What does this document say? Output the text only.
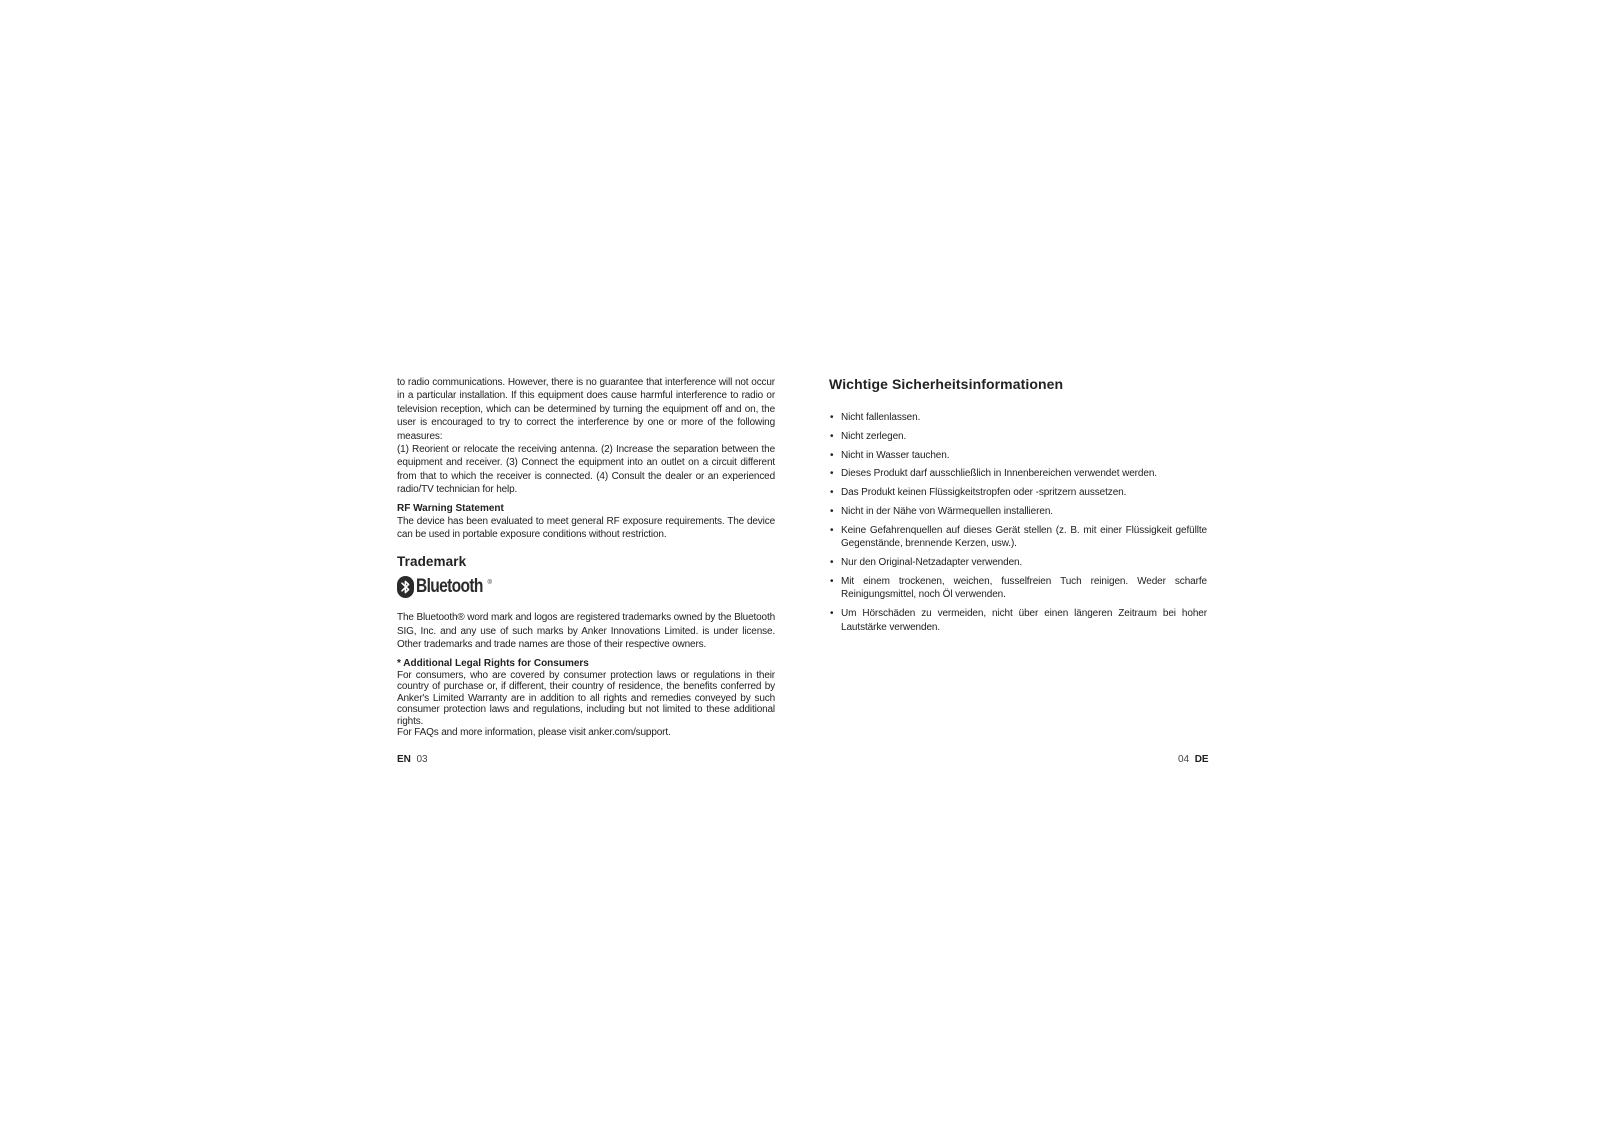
to radio communications. However, there is no guarantee that interference will not occur in a particular installation. If this equipment does cause harmful interference to radio or television reception, which can be determined by turning the equipment off and on, the user is encouraged to try to correct the interference by one or more of the following measures:

(1) Reorient or relocate the receiving antenna. (2) Increase the separation between the equipment and receiver. (3) Connect the equipment into an outlet on a circuit different from that to which the receiver is connected. (4) Consult the dealer or an experienced radio/TV technician for help.

RF Warning Statement

The device has been evaluated to meet general RF exposure requirements. The device can be used in portable exposure conditions without restriction.

Trademark
Bluetooth ®

The Bluetooth® word mark and logos are registered trademarks owned by the Bluetooth SIG, Inc. and any use of such marks by Anker Innovations Limited. is under license. Other trademarks and trade names are those of their respective owners.

* Additional Legal Rights for Consumers

For consumers, who are covered by consumer protection laws or regulations in their country of purchase or, if different, their country of residence, the benefits conferred by Anker's Limited Warranty are in addition to all rights and remedies conveyed by such consumer protection laws and regulations, including but not limited to these additional rights.

For FAQs and more information, please visit anker.com/support.

Wichtige Sicherheitsinformationen
• Nicht fallenlassen.
• Nicht zerlegen.
• Nicht in Wasser tauchen.
• Dieses Produkt darf ausschließlich in Innenbereichen verwendet werden.
• Das Produkt keinen Flüssigkeitstropfen oder -spritzern aussetzen.
• Nicht in der Nähe von Wärmequellen installieren.
• Keine Gefahrenquellen auf dieses Gerät stellen (z. B. mit einer Flüssigkeit gefüllte Gegenstände, brennende Kerzen, usw.).
• Nur den Original-Netzadapter verwenden.
• Mit einem trockenen, weichen, fusselfreien Tuch reinigen. Weder scharfe Reinigungsmittel, noch Öl verwenden.
• Um Hörschäden zu vermeiden, nicht über einen längeren Zeitraum bei hoher Lautstärke verwenden.
EN 03	04 DE
